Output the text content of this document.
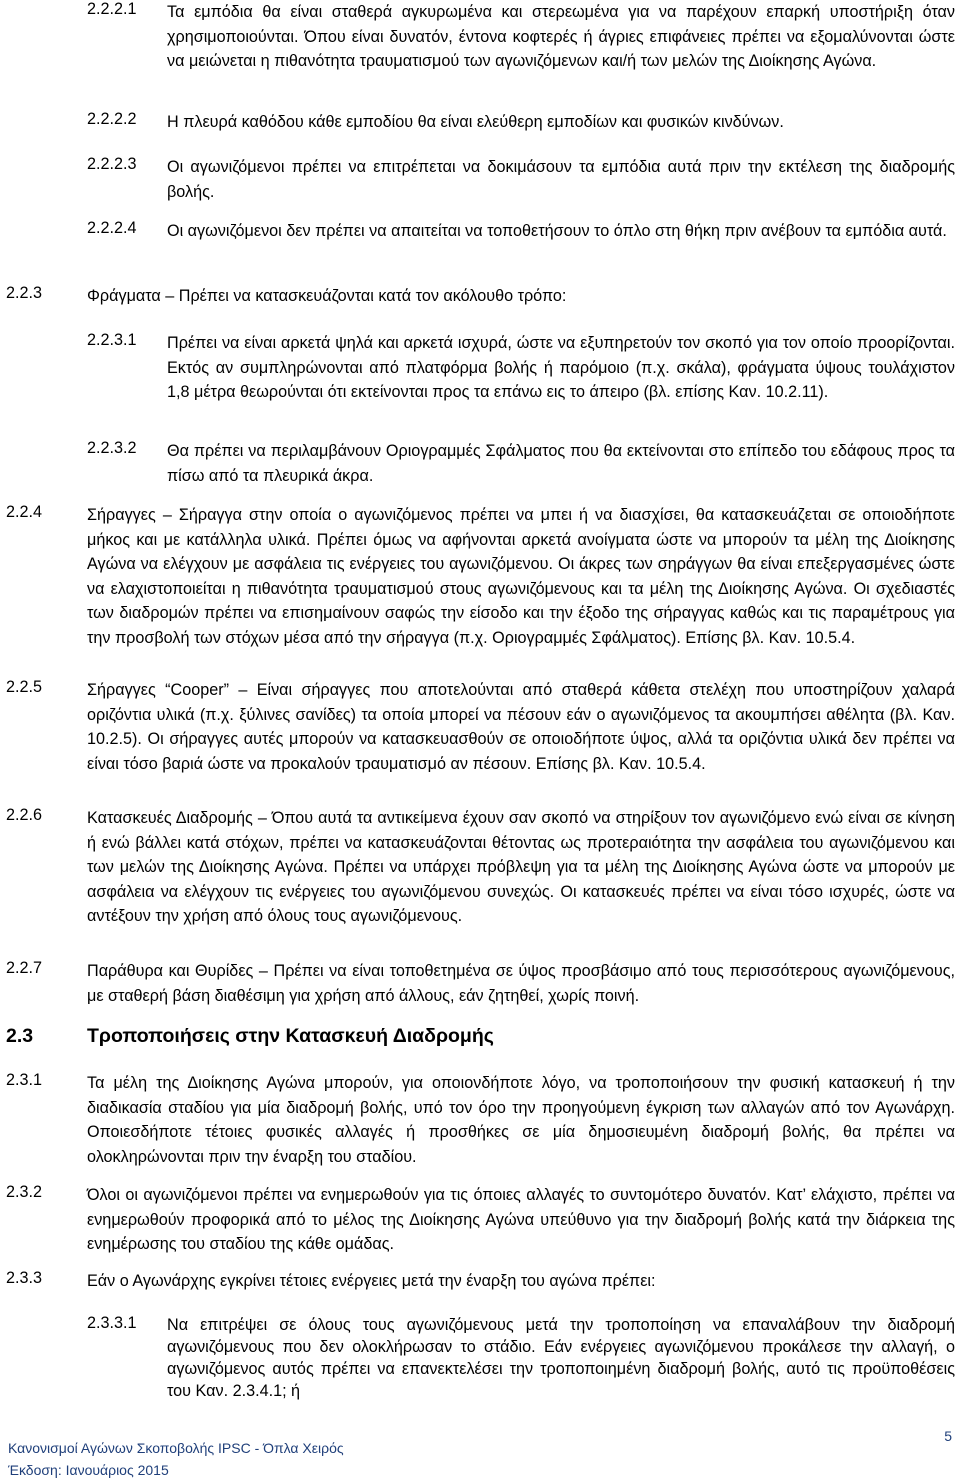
2.2.2.1 Τα εμπόδια θα είναι σταθερά αγκυρωμένα και στερεωμένα για να παρέχουν επαρκή υποστήριξη όταν χρησιμοποιούνται. Όπου είναι δυνατόν, έντονα κοφτερές ή άγριες επιφάνειες πρέπει να εξομαλύνονται ώστε να μειώνεται η πιθανότητα τραυματισμού των αγωνιζόμενων και/ή των μελών της Διοίκησης Αγώνα.
2.2.2.2 Η πλευρά καθόδου κάθε εμποδίου θα είναι ελεύθερη εμποδίων και φυσικών κινδύνων.
2.2.2.3 Οι αγωνιζόμενοι πρέπει να επιτρέπεται να δοκιμάσουν τα εμπόδια αυτά πριν την εκτέλεση της διαδρομής βολής.
2.2.2.4 Οι αγωνιζόμενοι δεν πρέπει να απαιτείται να τοποθετήσουν το όπλο στη θήκη πριν ανέβουν τα εμπόδια αυτά.
2.2.3	Φράγματα – Πρέπει να κατασκευάζονται κατά τον ακόλουθο τρόπο:
2.2.3.1 Πρέπει να είναι αρκετά ψηλά και αρκετά ισχυρά, ώστε να εξυπηρετούν τον σκοπό για τον οποίο προορίζονται. Εκτός αν συμπληρώνονται από πλατφόρμα βολής ή παρόμοιο (π.χ. σκάλα), φράγματα ύψους τουλάχιστον 1,8 μέτρα θεωρούνται ότι εκτείνονται προς τα επάνω εις το άπειρο (βλ. επίσης Καν. 10.2.11).
2.2.3.2 Θα πρέπει να περιλαμβάνουν Οριογραμμές Σφάλματος που θα εκτείνονται στο επίπεδο του εδάφους προς τα πίσω από τα πλευρικά άκρα.
2.2.4	Σήραγγες – Σήραγγα στην οποία ο αγωνιζόμενος πρέπει να μπει ή να διασχίσει, θα κατασκευάζεται σε οποιοδήποτε μήκος και με κατάλληλα υλικά. Πρέπει όμως να αφήνονται αρκετά ανοίγματα ώστε να μπορούν τα μέλη της Διοίκησης Αγώνα να ελέγχουν με ασφάλεια τις ενέργειες του αγωνιζόμενου. Οι άκρες των σηράγγων θα είναι επεξεργασμένες ώστε να ελαχιστοποιείται η πιθανότητα τραυματισμού στους αγωνιζόμενους και τα μέλη της Διοίκησης Αγώνα. Οι σχεδιαστές των διαδρομών πρέπει να επισημαίνουν σαφώς την είσοδο και την έξοδο της σήραγγας καθώς και τις παραμέτρους για την προσβολή των στόχων μέσα από την σήραγγα (π.χ. Οριογραμμές Σφάλματος). Επίσης βλ. Καν. 10.5.4.
2.2.5	Σήραγγες “Cooper” – Είναι σήραγγες που αποτελούνται από σταθερά κάθετα στελέχη που υποστηρίζουν χαλαρά οριζόντια υλικά (π.χ. ξύλινες σανίδες) τα οποία μπορεί να πέσουν εάν ο αγωνιζόμενος τα ακουμπήσει αθέλητα (βλ. Καν. 10.2.5). Οι σήραγγες αυτές μπορούν να κατασκευασθούν σε οποιοδήποτε ύψος, αλλά τα οριζόντια υλικά δεν πρέπει να είναι τόσο βαριά ώστε να προκαλούν τραυματισμό αν πέσουν. Επίσης βλ. Καν. 10.5.4.
2.2.6	Κατασκευές Διαδρομής – Όπου αυτά τα αντικείμενα έχουν σαν σκοπό να στηρίξουν τον αγωνιζόμενο ενώ είναι σε κίνηση ή ενώ βάλλει κατά στόχων, πρέπει να κατασκευάζονται θέτοντας ως προτεραιότητα την ασφάλεια του αγωνιζόμενου και των μελών της Διοίκησης Αγώνα. Πρέπει να υπάρχει πρόβλεψη για τα μέλη της Διοίκησης Αγώνα ώστε να μπορούν με ασφάλεια να ελέγχουν τις ενέργειες του αγωνιζόμενου συνεχώς. Οι κατασκευές πρέπει να είναι τόσο ισχυρές, ώστε να αντέξουν την χρήση από όλους τους αγωνιζόμενους.
2.2.7	Παράθυρα και Θυρίδες – Πρέπει να είναι τοποθετημένα σε ύψος προσβάσιμο από τους περισσότερους αγωνιζόμενους, με σταθερή βάση διαθέσιμη για χρήση από άλλους, εάν ζητηθεί, χωρίς ποινή.
2.3	Τροποποιήσεις στην Κατασκευή Διαδρομής
2.3.1	Τα μέλη της Διοίκησης Αγώνα μπορούν, για οποιονδήποτε λόγο, να τροποποιήσουν την φυσική κατασκευή ή την διαδικασία σταδίου για μία διαδρομή βολής, υπό τον όρο την προηγούμενη έγκριση των αλλαγών από τον Αγωνάρχη. Οποιεσδήποτε τέτοιες φυσικές αλλαγές ή προσθήκες σε μία δημοσιευμένη διαδρομή βολής, θα πρέπει να ολοκληρώνονται πριν την έναρξη του σταδίου.
2.3.2	Όλοι οι αγωνιζόμενοι πρέπει να ενημερωθούν για τις όποιες αλλαγές το συντομότερο δυνατόν. Κατ’ ελάχιστο, πρέπει να ενημερωθούν προφορικά από το μέλος της Διοίκησης Αγώνα υπεύθυνο για την διαδρομή βολής κατά την διάρκεια της ενημέρωσης του σταδίου της κάθε ομάδας.
2.3.3	Εάν ο Αγωνάρχης εγκρίνει τέτοιες ενέργειες μετά την έναρξη του αγώνα πρέπει:
2.3.3.1 Να επιτρέψει σε όλους τους αγωνιζόμενους μετά την τροποποίηση να επαναλάβουν την διαδρομή αγωνιζόμενους που δεν ολοκλήρωσαν το στάδιο. Εάν ενέργειες αγωνιζόμενου προκάλεσε την αλλαγή, ο αγωνιζόμενος αυτός πρέπει να επανεκτελέσει την τροποποιημένη διαδρομή βολής, αυτό τις προϋποθέσεις του Καν. 2.3.4.1; ή
Κανονισμοί Αγώνων Σκοποβολής IPSC - Όπλα Χειρός
Έκδοση: Ιανουάριος 2015
5
